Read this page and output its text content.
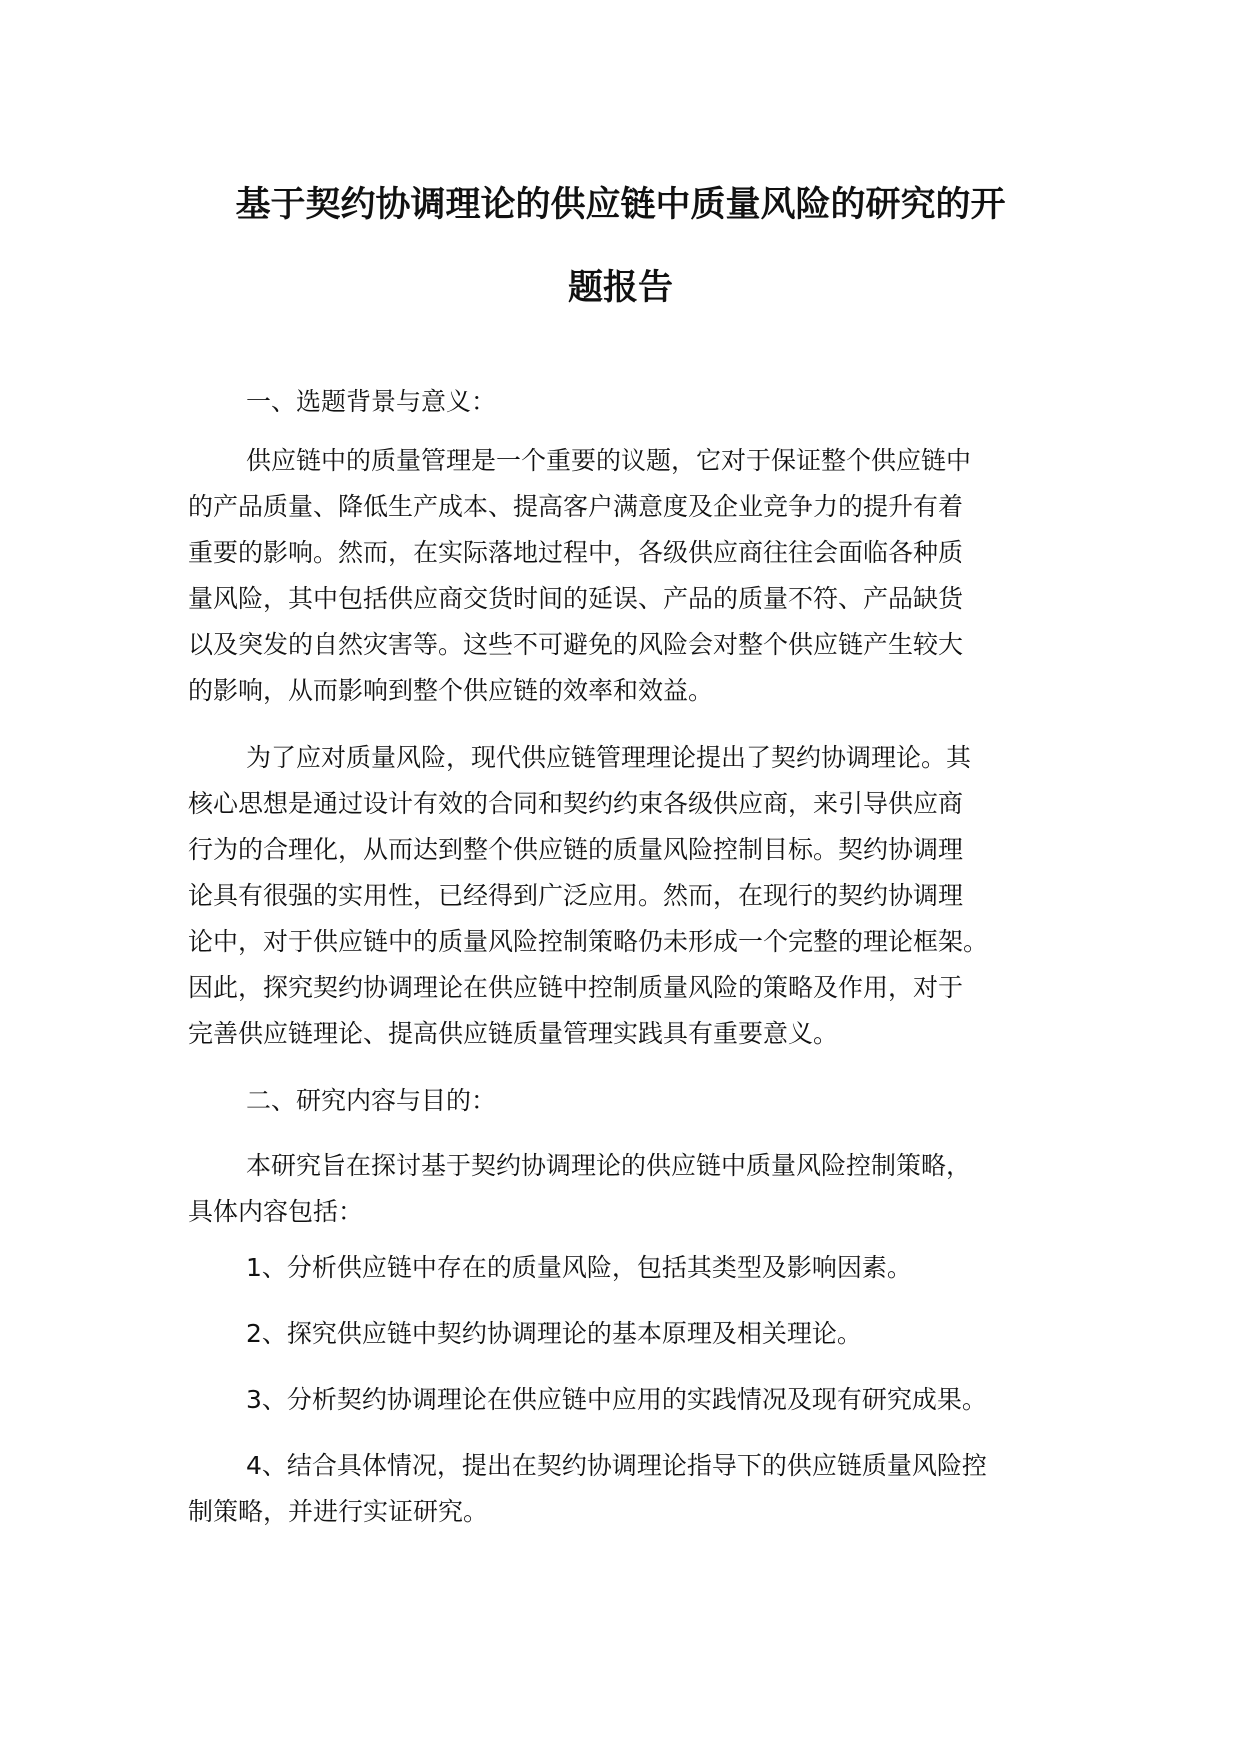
基于契约协调理论的供应链中质量风险的研究的开
题报告

一、选题背景与意义：

供应链中的质量管理是一个重要的议题，它对于保证整个供应链中
的产品质量、降低生产成本、提高客户满意度及企业竞争力的提升有着
重要的影响。然而，在实际落地过程中，各级供应商往往会面临各种质
量风险，其中包括供应商交货时间的延误、产品的质量不符、产品缺货
以及突发的自然灾害等。这些不可避免的风险会对整个供应链产生较大
的影响，从而影响到整个供应链的效率和效益。

为了应对质量风险，现代供应链管理理论提出了契约协调理论。其
核心思想是通过设计有效的合同和契约约束各级供应商，来引导供应商
行为的合理化，从而达到整个供应链的质量风险控制目标。契约协调理
论具有很强的实用性，已经得到广泛应用。然而，在现行的契约协调理
论中，对于供应链中的质量风险控制策略仍未形成一个完整的理论框架。
因此，探究契约协调理论在供应链中控制质量风险的策略及作用，对于
完善供应链理论、提高供应链质量管理实践具有重要意义。

二、研究内容与目的：

本研究旨在探讨基于契约协调理论的供应链中质量风险控制策略，
具体内容包括：

1、分析供应链中存在的质量风险，包括其类型及影响因素。

2、探究供应链中契约协调理论的基本原理及相关理论。

3、分析契约协调理论在供应链中应用的实践情况及现有研究成果。

4、结合具体情况，提出在契约协调理论指导下的供应链质量风险控
制策略，并进行实证研究。
